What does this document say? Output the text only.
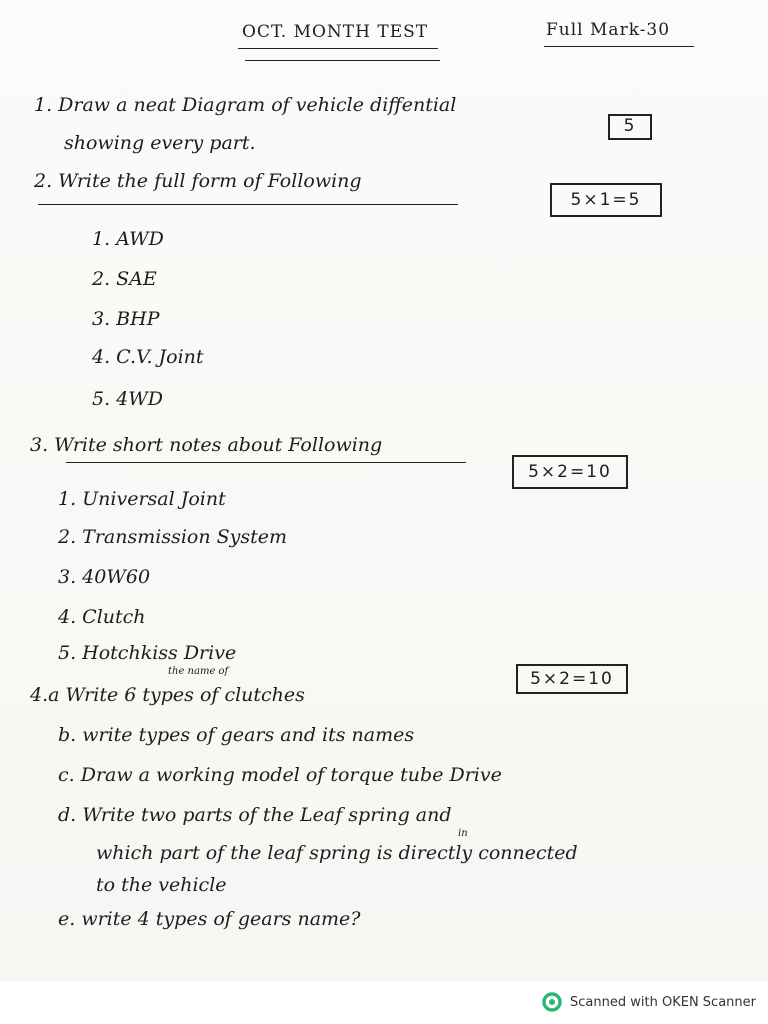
OCT. MONTH TEST	Full Mark-30
1. Draw a neat Diagram of vehicle diffential
showing every part.
5
2. Write the full form of Following
5×1=5
1. AWD
2. SAE
3. BHP
4. C.V. Joint
5. 4WD
3. Write short notes about Following
5×2=10
1. Universal Joint
2. Transmission System
3. 40W60
4. Clutch
5. Hotchkiss Drive
the name of
4.a Write 6 types of clutches
5×2=10
b. write types of gears and its names
c. Draw a working model of torque tube Drive
d. Write two parts of the Leaf spring and
in
which part of the leaf spring is directly connected
to the vehicle
e. write 4 types of gears name?
Scanned with OKEN Scanner
